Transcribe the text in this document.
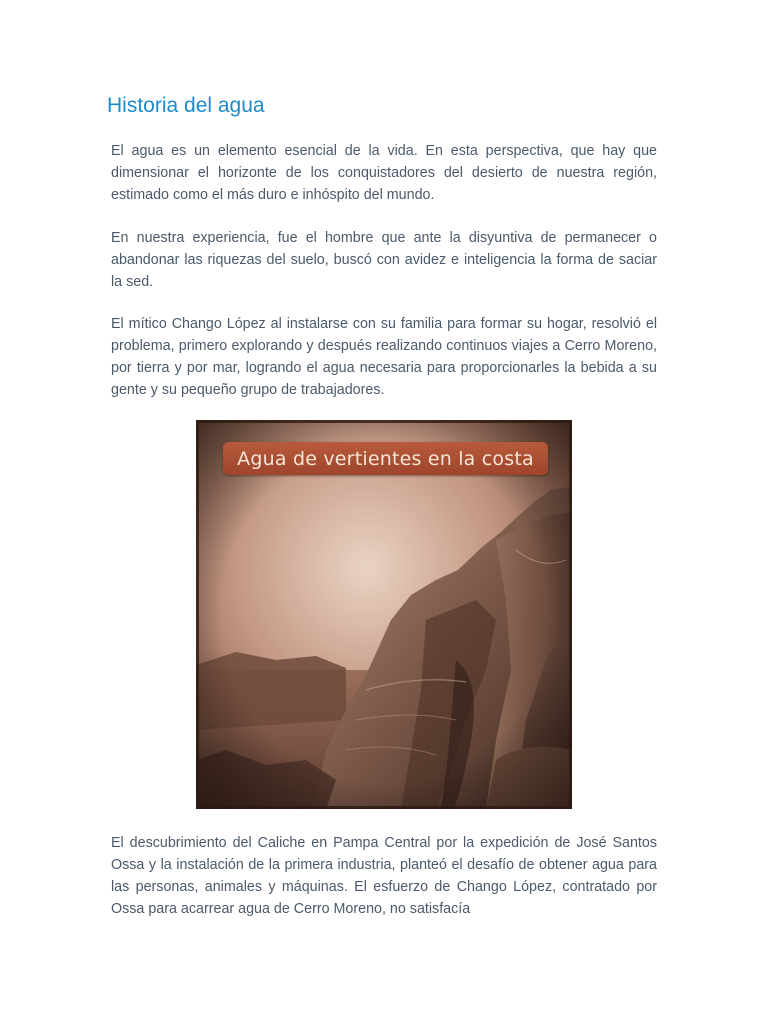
Historia del agua

El agua es un elemento esencial de la vida. En esta perspectiva, que hay que dimensionar el horizonte de los conquistadores del desierto de nuestra región, estimado como el más duro e inhóspito del mundo.

En nuestra experiencia, fue el hombre que ante la disyuntiva de permanecer o abandonar las riquezas del suelo, buscó con avidez e inteligencia la forma de saciar la sed.

El mítico Chango López al instalarse con su familia para formar su hogar, resolvió el problema, primero explorando y después realizando continuos viajes a Cerro Moreno, por tierra y por mar, logrando el agua necesaria para proporcionarles la bebida a su gente y su pequeño grupo de trabajadores.

Agua de vertientes en la costa

El descubrimiento del Caliche en Pampa Central por la expedición de José Santos Ossa y la instalación de la primera industria, planteó el desafío de obtener agua para las personas, animales y máquinas. El esfuerzo de Chango López, contratado por Ossa para acarrear agua de Cerro Moreno, no satisfacía
